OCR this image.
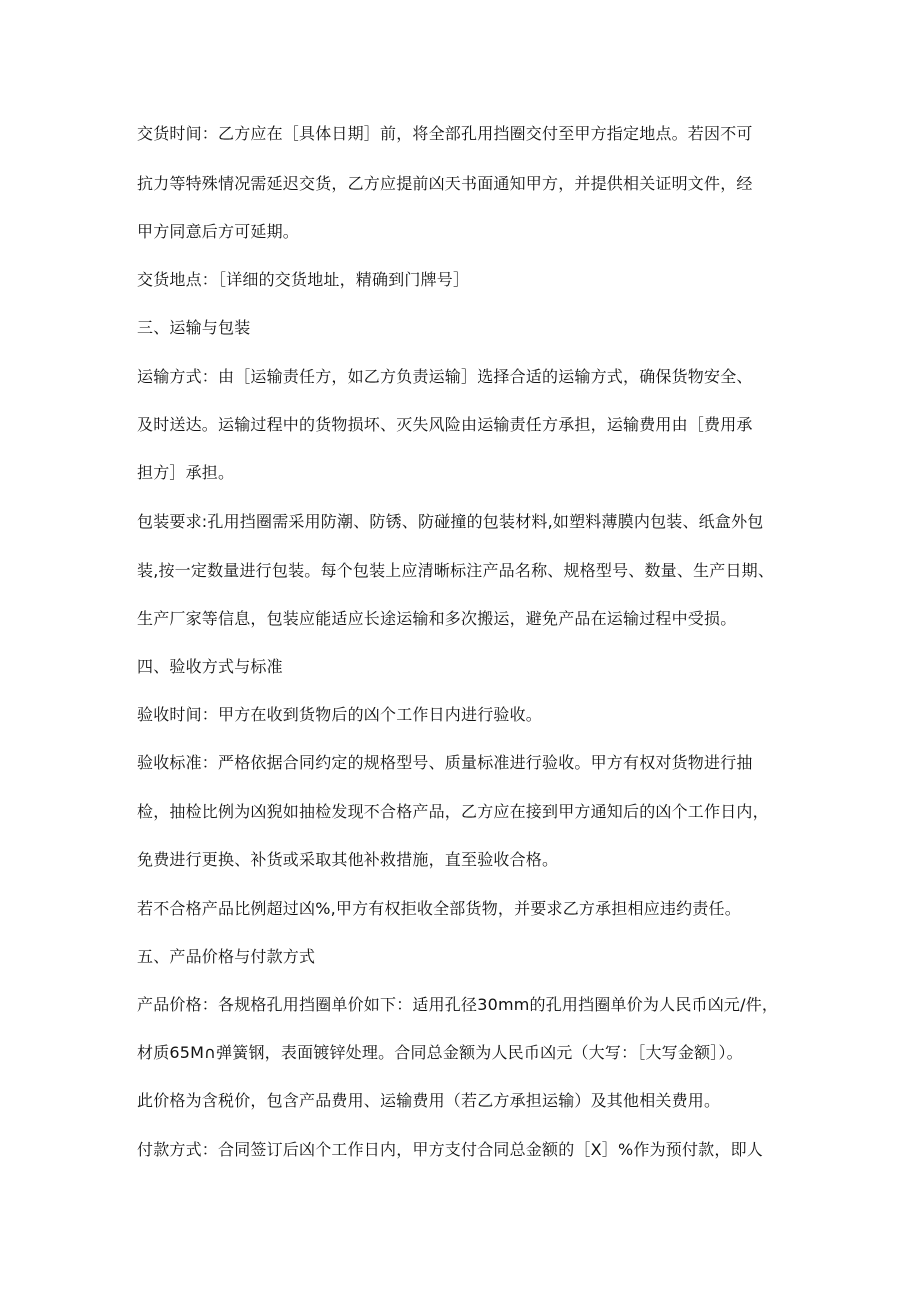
交货时间：乙方应在［具体日期］前，将全部孔用挡圈交付至甲方指定地点。若因不可
抗力等特殊情况需延迟交货，乙方应提前凶天书面通知甲方，并提供相关证明文件，经
甲方同意后方可延期。
交货地点：［详细的交货地址，精确到门牌号］
三、运输与包装
运输方式：由［运输责任方，如乙方负责运输］选择合适的运输方式，确保货物安全、
及时送达。运输过程中的货物损坏、灭失风险由运输责任方承担，运输费用由［费用承
担方］承担。
包装要求:孔用挡圈需采用防潮、防锈、防碰撞的包装材料,如塑料薄膜内包装、纸盒外包
装,按一定数量进行包装。每个包装上应清晰标注产品名称、规格型号、数量、生产日期、
生产厂家等信息，包装应能适应长途运输和多次搬运，避免产品在运输过程中受损。
四、验收方式与标准
验收时间：甲方在收到货物后的凶个工作日内进行验收。
验收标准：严格依据合同约定的规格型号、质量标准进行验收。甲方有权对货物进行抽
检，抽检比例为凶猊如抽检发现不合格产品，乙方应在接到甲方通知后的凶个工作日内，
免费进行更换、补货或采取其他补救措施，直至验收合格。
若不合格产品比例超过凶%,甲方有权拒收全部货物，并要求乙方承担相应违约责任。
五、产品价格与付款方式
产品价格：各规格孔用挡圈单价如下：适用孔径30mm的孔用挡圈单价为人民币凶元/件，
材质65M∩弹簧钢，表面镀锌处理。合同总金额为人民币凶元（大写：［大写金额］）。
此价格为含税价，包含产品费用、运输费用（若乙方承担运输）及其他相关费用。
付款方式：合同签订后凶个工作日内，甲方支付合同总金额的［X］%作为预付款，即人
